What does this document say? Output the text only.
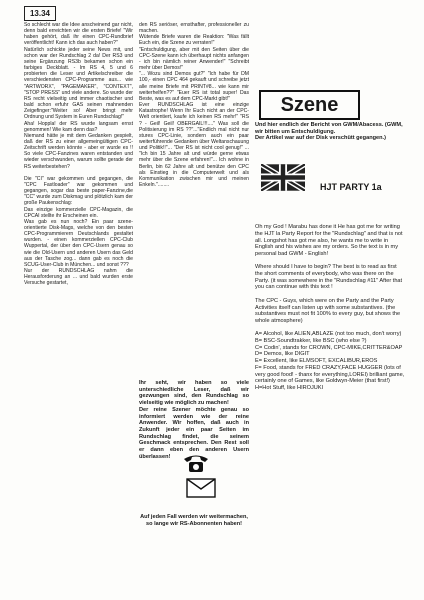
13.34

So schlecht war die Idee anscheinend gar nicht, denn bald erreichten wir die ersten Briefe! "Wir haben gehört, daß ihr einen CPC-Rundbrief veröffentlicht! Kann ich das auch haben?"
Natürlich schickte jeder seine News mit, und schon war der Rundschlag 2 da! Der RS3 und seine Ergänzung RS3b bekamen schon ein farbiges Deckblatt. - Im RS 4, 5 und 6 probierten die Leser und Artikelschreiber die verschiedensten CPC-Programme aus... wie "ARTWORX", "PAGEMAKER", "CONTEXT", "STOP PRESS" und viele andere. So wurde der RS recht vielseitig und immer chaotischer und bald schon erfuhr GAS seinen mahnenden Zeigefinger:"Weiter so! Aber bringt mehr Ordnung und System in Euren Rundschlag!"
Aha! Hoppla! der RS wurde langsam ernst genommen! Wie kam denn das?
Niemand hätte je mit dem Gedanken gespielt, daß der RS zu einer allgemeingültigen CPC-Zeitschrift werden könnte - aber er wurde es !! So viele CPC-Fanzines waren entstanden und wieder verschwunden, warum sollte gerade der RS weiterbestehen?

Die "CI" war gekommen und gegangen, die "CPC Fastloader" war gekommen und gegangen, sogar das beste paper-Fanzine,die "CC" wurde zum Diskmag und plötzlich kam der große Paukenschlag:
Das einzige kommerzielle CPC-Magazin, die CPCAI stellte ihr Erscheinen ein.
Was gab es nun noch? Ein paar szene-orientierte Disk-Mags, welche von den besten CPC-Programmierern Deutschlands gestaltet wurden. - einen kommerziellen CPC-Club Wuppertal, der über den CPC-Usern genau so wie die Old-Usern und anderen Usern das Geld aus der Tasche zog... dann gab es noch die SCUG-User-Club in München... und sonst ???
Nur der RUNDSCHLAG nahm die Herausforderung an ... und bald wurden erste Versuche gestartet,

den RS seriöser, ernsthafter, professioneller zu machen.
Wütende Briefe waren die Reaktion: "Was fällt Euch ein, die Szene zu verraten!"
"Entschuldigung, aber mit den Seiten über die CPC-Szene kann ich überhaupt nichts anfangen - ich bin nämlich reiner Anwender!" "Schreibt mehr über Demos!"
"... Wozu sind Demos gut?" "Ich habe für DM 100,- einen CPC 464 gekauft und schreibe jetzt alle meine Briefe mit PRINT#8... wie kann mir weiterhelfen??" "Euer RS ist total super! Das Beste, was es auf dem CPC-Markt gibt!"
Ever RUNDSCHLAG ist eine einzige Katastrophe! Wenn Ihr Euch nicht an der CPC-Welt orientiert, kaufe ich keinen RS mehr!" "RS ? - Geil! Geil! OBERGAIL!!!...." Was soll die Politisierung im RS ??"..."Endlich mal nicht nur stures CPC-Linie, sondern auch ein paar weiterführende Gedanken über Weltanschauung und Politik!!"... "Der RS ist nicht cool genug!" ... "Ich bin 15 Jahre alt und würde gerne etwas mehr über die Szene erfahren!"... Ich wohne in Berlin, bin 62 Jahre alt und benütze den CPC als Einstieg in die Computerwelt und als Kommunikation zwischen mir und meinen Enkeln."........

Ihr seht, wir haben so viele unterschiedliche Leser, daß wir gezwungen sind, den Rundschlag so vielseitig wie möglich zu machen!
Der reine Szener möchte genau so informiert werden wie der reine Anwender. Wir hoffen, daß auch in Zukunft jeder ein paar Seiten im Rundschlag findet, die seinem Geschmack entsprechen. Den Rest soll er dann eben den anderen Usern überlassen!

Auf jeden Fall werden wir weitermachen, so lange wir RS-Abonnenten haben!
Szene
HJT PARTY 1a

Und hier endlich der Bericht von GWM/Abacess. (GWM, wir bitten um Entschuldigung.
Der Artikel war auf der Disk verschütt gegangen.)

Oh my God ! Marabu has done it He has got me for writing the HJT la Party Report for the "Rundschlag" and that is not all. Longshot has got me also, he wants me to write in English and his wishes are my orders. So the text is in my personal bad GWM - English!

Where should I have to begin? The best is to read as first the short comments of everybody, who was there on the Party. (it was somewhere in the "Rundschlag #11" After that you can continue with this text !

The CPC - Guys, which were on the Party and the Party Activities itself can listen up with some substantives. (the substantives must not fit 100% to every guy, but shows the whole atmosphere)

A= Alcohol, like ALIEN,ABLAZE (not too much, don't worry)
B= BSC-Soundtrakker, like BSC (who else ?)
C= Codin', stands for CROWN, CPC-MIKE,CRITTER&OAP
D= Demos, like DIGIT
E= Excellent, like ELMSOFT, EXCALIBUR,EROS
F= Food, stands for FRED CRAZY,FACE HUGGER (lots of very good food! - thanx for everything,LOREI) brilliant game, certainly one of Games, like Goldwyn-Meier (that first!)
H=Hot Stuff, like HIROJUKI
